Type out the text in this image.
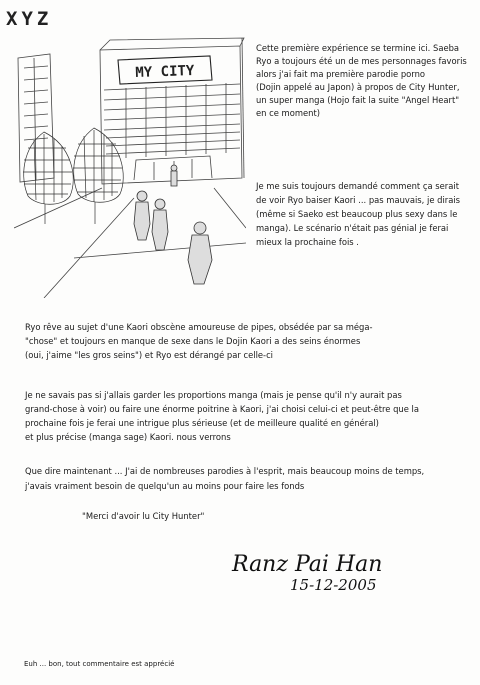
XYZ
MY CITY
Cette première expérience se termine ici. Saeba
Ryo a toujours été un de mes personnages favoris
alors j'ai fait ma première parodie porno
(Dojin appelé au Japon) à propos de City Hunter,
un super manga (Hojo fait la suite "Angel Heart"
en ce moment)
Je me suis toujours demandé comment ça serait
de voir Ryo baiser Kaori ... pas mauvais, je dirais
(même si Saeko est beaucoup plus sexy dans le
manga). Le scénario n'était pas génial je ferai
mieux la prochaine fois .
Ryo rêve au sujet d'une Kaori obscène amoureuse de pipes, obsédée par sa méga-
"chose" et toujours en manque de sexe dans le Dojin Kaori a des seins énormes
(oui, j'aime "les gros seins") et Ryo est dérangé par celle-ci
Je ne savais pas si j'allais garder les proportions manga (mais je pense qu'il n'y aurait pas
grand-chose à voir) ou faire une énorme poitrine à Kaori, j'ai choisi celui-ci et peut-être que la
prochaine fois je ferai une intrigue plus sérieuse (et de meilleure qualité en général)
et plus précise (manga sage) Kaori. nous verrons
Que dire maintenant ... J'ai de nombreuses parodies à l'esprit, mais beaucoup moins de temps,
j'avais vraiment besoin de quelqu'un au moins pour faire les fonds
"Merci d'avoir lu City Hunter"
Ranz Pai Han
15-12-2005
Euh ... bon, tout commentaire est apprécié
